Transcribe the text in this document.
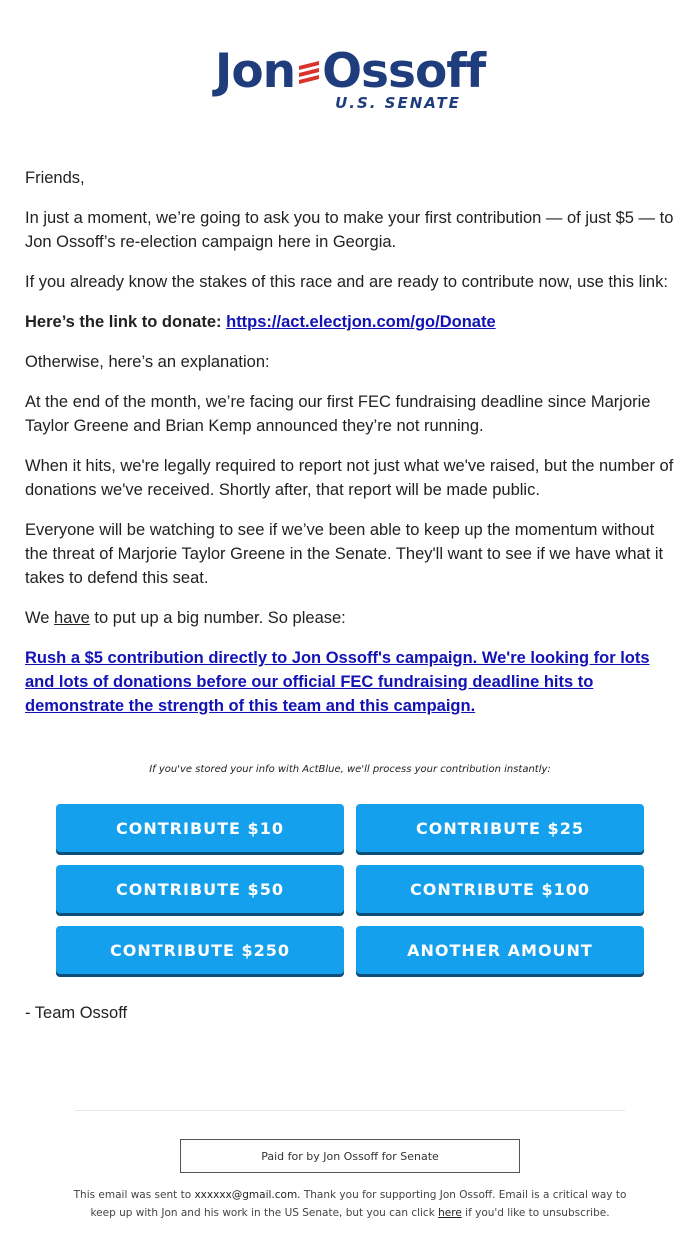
Jon Ossoff
U.S. SENATE

Friends,

In just a moment, we’re going to ask you to make your first contribution — of just $5 — to Jon Ossoff’s re-election campaign here in Georgia.

If you already know the stakes of this race and are ready to contribute now, use this link:

Here’s the link to donate: https://act.electjon.com/go/Donate

Otherwise, here’s an explanation:

At the end of the month, we’re facing our first FEC fundraising deadline since Marjorie Taylor Greene and Brian Kemp announced they’re not running.

When it hits, we're legally required to report not just what we've raised, but the number of donations we've received. Shortly after, that report will be made public.

Everyone will be watching to see if we’ve been able to keep up the momentum without the threat of Marjorie Taylor Greene in the Senate. They'll want to see if we have what it takes to defend this seat.

We have to put up a big number. So please:

Rush a $5 contribution directly to Jon Ossoff's campaign. We're looking for lots and lots of donations before our official FEC fundraising deadline hits to demonstrate the strength of this team and this campaign.

If you've stored your info with ActBlue, we'll process your contribution instantly:
CONTRIBUTE $10	CONTRIBUTE $25
CONTRIBUTE $50	CONTRIBUTE $100
CONTRIBUTE $250	ANOTHER AMOUNT
- Team Ossoff
Paid for by Jon Ossoff for Senate
This email was sent to xxxxxx@gmail.com. Thank you for supporting Jon Ossoff. Email is a critical way to keep up with Jon and his work in the US Senate, but you can click here if you'd like to unsubscribe.
